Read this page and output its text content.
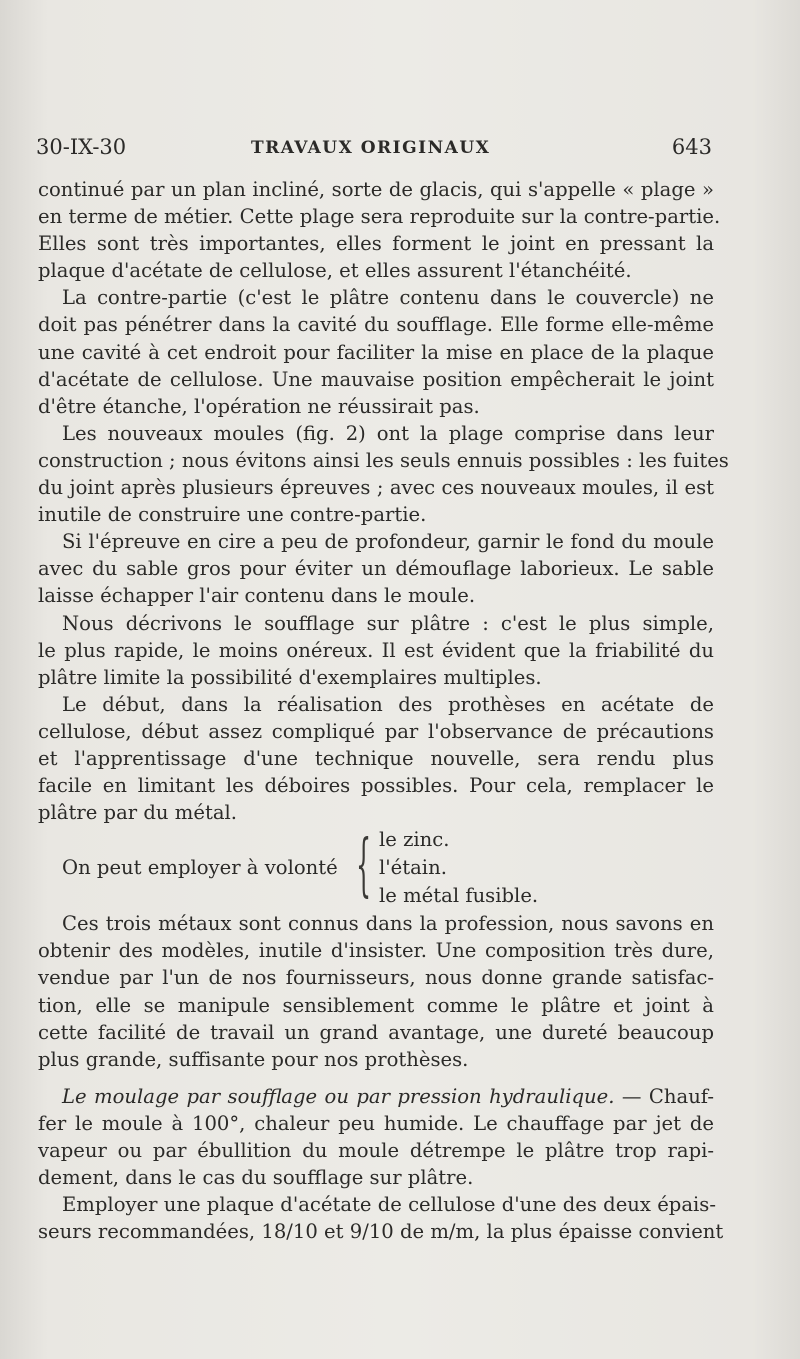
30-IX-30	TRAVAUX ORIGINAUX	643

continué par un plan incliné, sorte de glacis, qui s'appelle « plage »
en terme de métier. Cette plage sera reproduite sur la contre-partie.
Elles sont très importantes, elles forment le joint en pressant la
plaque d'acétate de cellulose, et elles assurent l'étanchéité.

La contre-partie (c'est le plâtre contenu dans le couvercle) ne
doit pas pénétrer dans la cavité du soufflage. Elle forme elle-même
une cavité à cet endroit pour faciliter la mise en place de la plaque
d'acétate de cellulose. Une mauvaise position empêcherait le joint
d'être étanche, l'opération ne réussirait pas.

Les nouveaux moules (fig. 2) ont la plage comprise dans leur
construction ; nous évitons ainsi les seuls ennuis possibles : les fuites
du joint après plusieurs épreuves ; avec ces nouveaux moules, il est
inutile de construire une contre-partie.

Si l'épreuve en cire a peu de profondeur, garnir le fond du moule
avec du sable gros pour éviter un démouflage laborieux. Le sable
laisse échapper l'air contenu dans le moule.

Nous décrivons le soufflage sur plâtre : c'est le plus simple,
le plus rapide, le moins onéreux. Il est évident que la friabilité du
plâtre limite la possibilité d'exemplaires multiples.

Le début, dans la réalisation des prothèses en acétate de
cellulose, début assez compliqué par l'observance de précautions
et l'apprentissage d'une technique nouvelle, sera rendu plus
facile en limitant les déboires possibles. Pour cela, remplacer le
plâtre par du métal.

On peut employer à volonté { le zinc.
l'étain.
le métal fusible.

Ces trois métaux sont connus dans la profession, nous savons en
obtenir des modèles, inutile d'insister. Une composition très dure,
vendue par l'un de nos fournisseurs, nous donne grande satisfac-
tion, elle se manipule sensiblement comme le plâtre et joint à
cette facilité de travail un grand avantage, une dureté beaucoup
plus grande, suffisante pour nos prothèses.

Le moulage par soufflage ou par pression hydraulique. — Chauf-
fer le moule à 100°, chaleur peu humide. Le chauffage par jet de
vapeur ou par ébullition du moule détrempe le plâtre trop rapi-
dement, dans le cas du soufflage sur plâtre.

Employer une plaque d'acétate de cellulose d'une des deux épais-
seurs recommandées, 18/10 et 9/10 de m/m, la plus épaisse convient
